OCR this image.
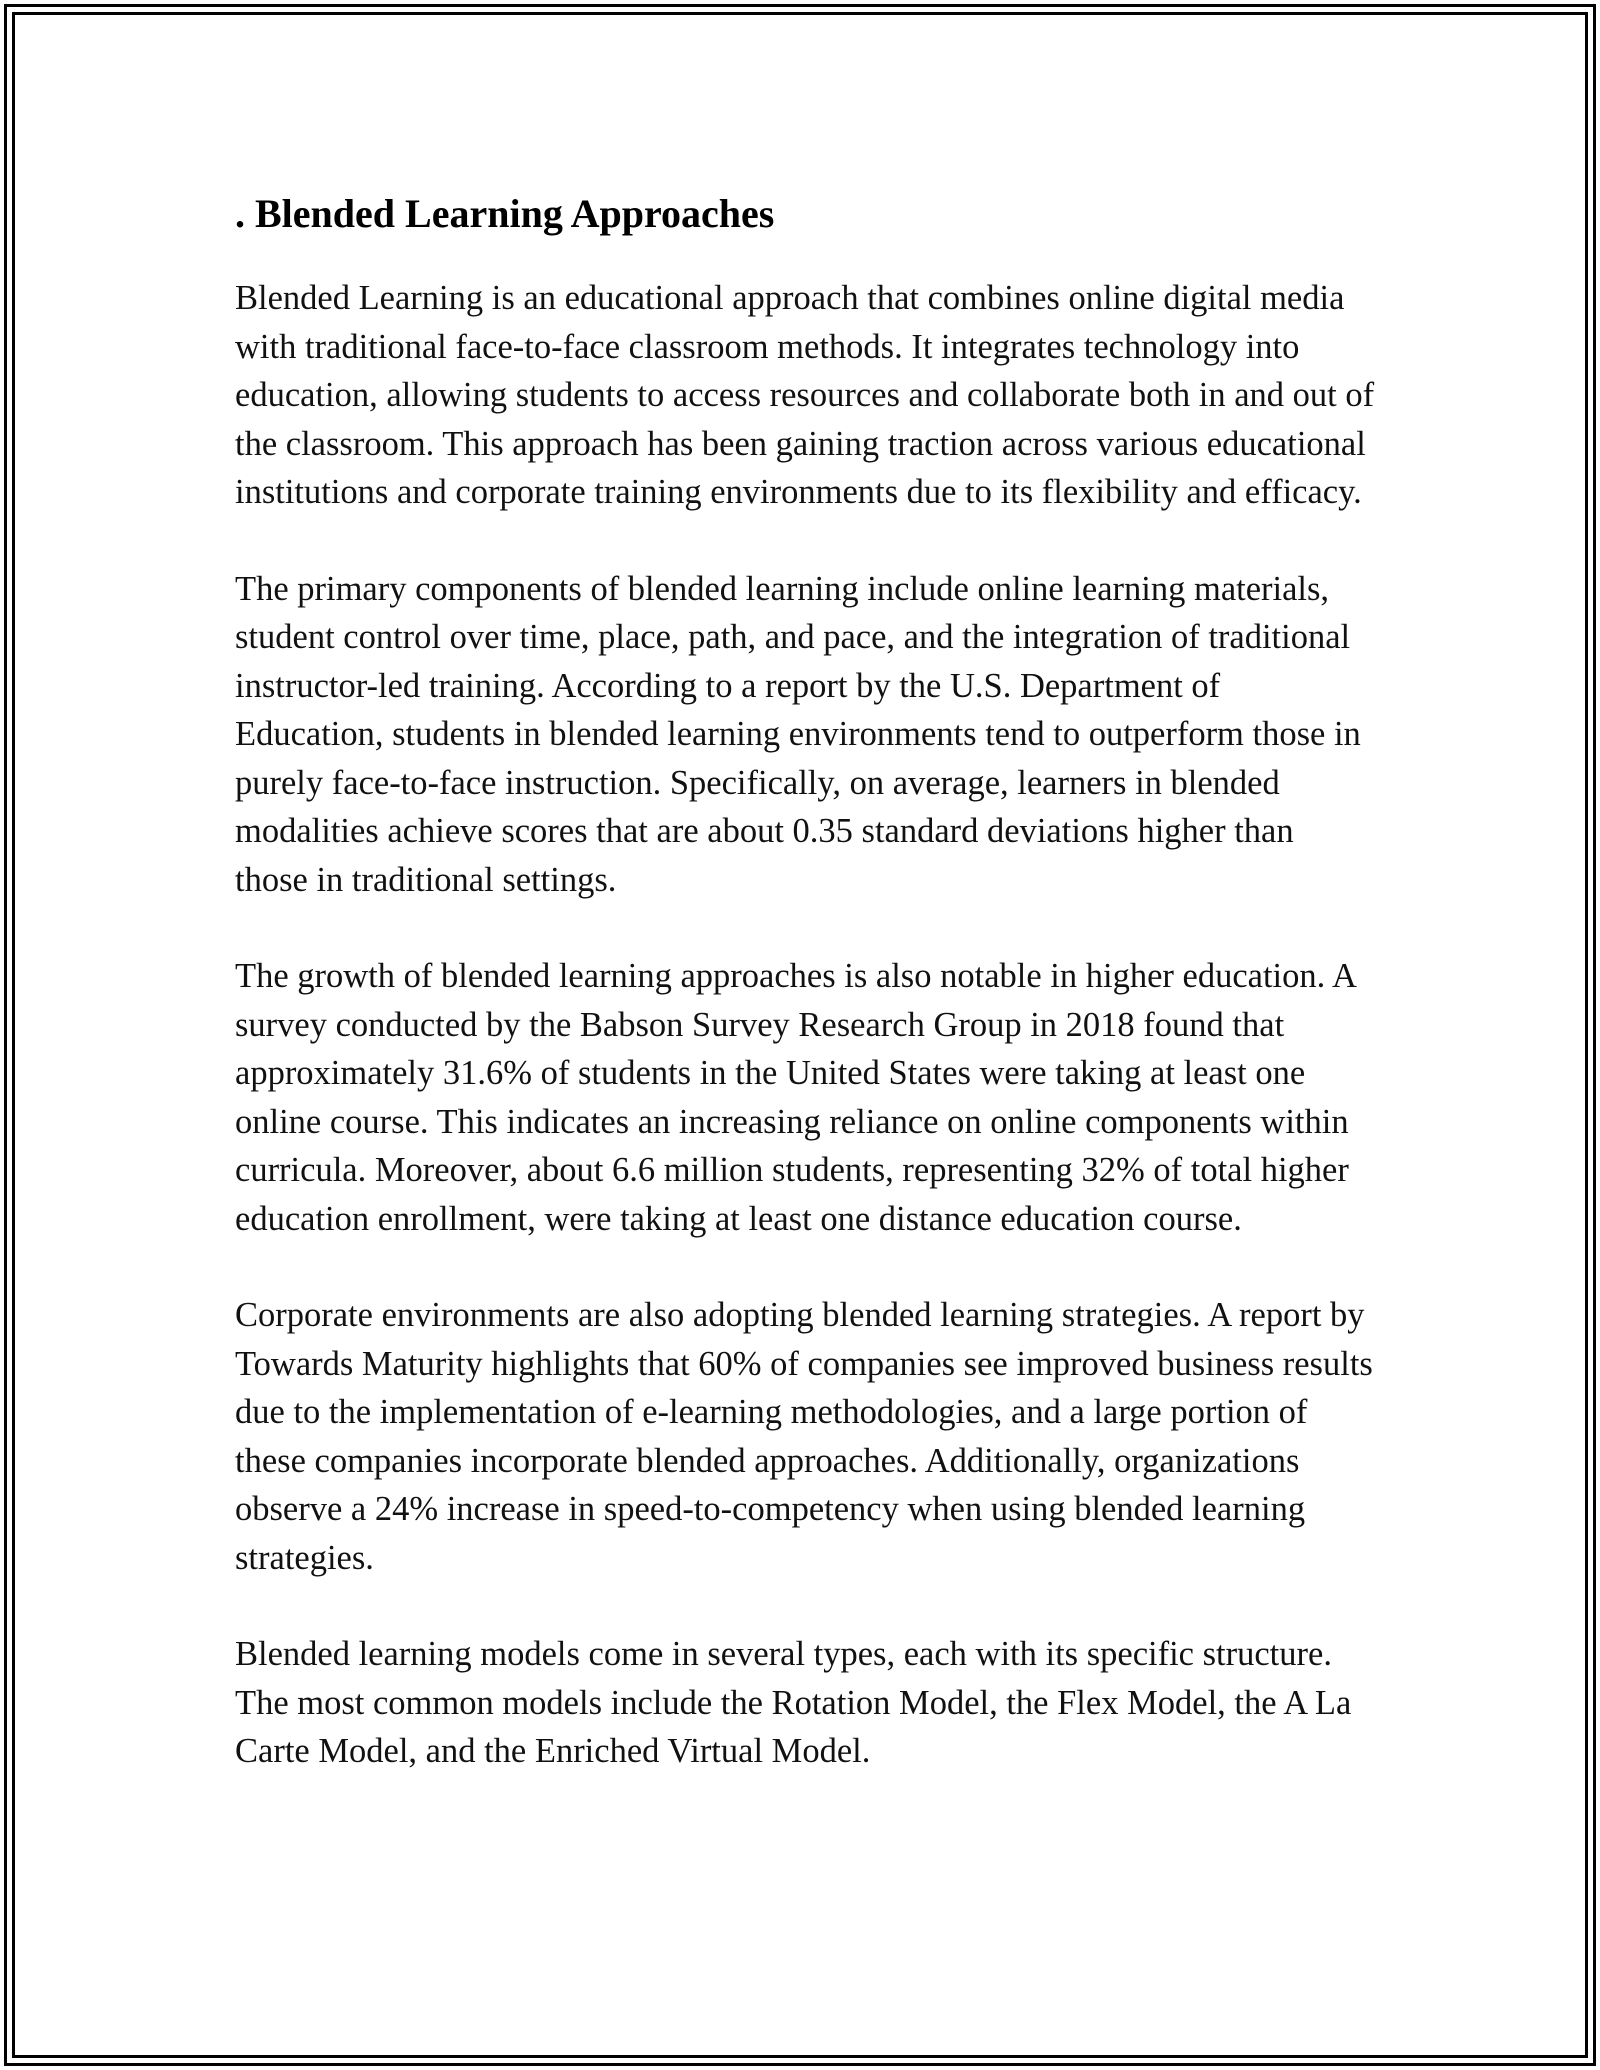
. Blended Learning Approaches

Blended Learning is an educational approach that combines online digital media with traditional face-to-face classroom methods. It integrates technology into education, allowing students to access resources and collaborate both in and out of the classroom. This approach has been gaining traction across various educational institutions and corporate training environments due to its flexibility and efficacy.

The primary components of blended learning include online learning materials, student control over time, place, path, and pace, and the integration of traditional instructor-led training. According to a report by the U.S. Department of Education, students in blended learning environments tend to outperform those in purely face-to-face instruction. Specifically, on average, learners in blended modalities achieve scores that are about 0.35 standard deviations higher than those in traditional settings.

The growth of blended learning approaches is also notable in higher education. A survey conducted by the Babson Survey Research Group in 2018 found that approximately 31.6% of students in the United States were taking at least one online course. This indicates an increasing reliance on online components within curricula. Moreover, about 6.6 million students, representing 32% of total higher education enrollment, were taking at least one distance education course.

Corporate environments are also adopting blended learning strategies. A report by Towards Maturity highlights that 60% of companies see improved business results due to the implementation of e-learning methodologies, and a large portion of these companies incorporate blended approaches. Additionally, organizations observe a 24% increase in speed-to-competency when using blended learning strategies.

Blended learning models come in several types, each with its specific structure. The most common models include the Rotation Model, the Flex Model, the A La Carte Model, and the Enriched Virtual Model.
